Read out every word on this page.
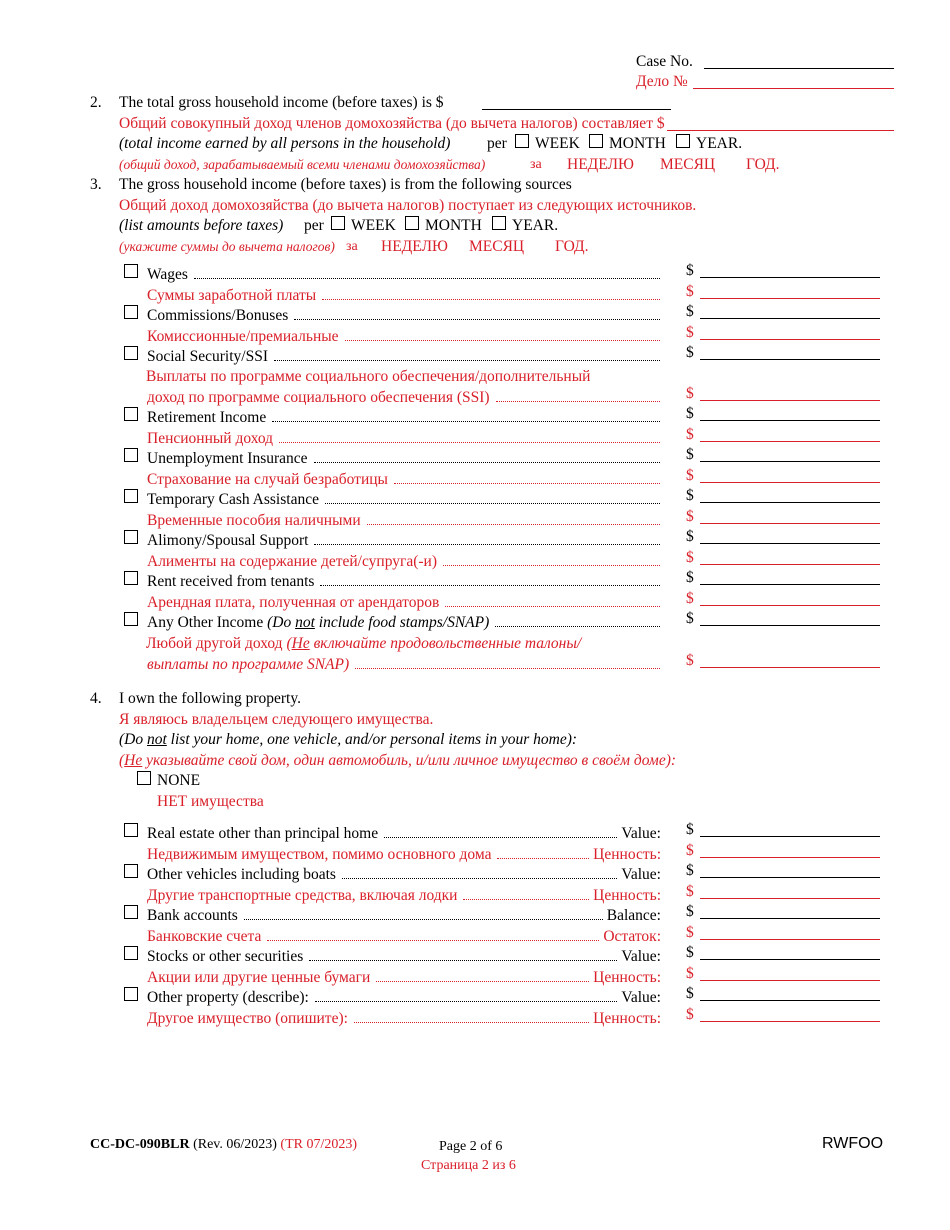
Case No.
Дело №
2. The total gross household income (before taxes) is $
Общий совокупный доход членов домохозяйства (до вычета налогов) составляет $
(total income earned by all persons in the household) per WEEK MONTH YEAR.
(общий доход, зарабатываемый всеми членами домохозяйства)	за НЕДЕЛЮ МЕСЯЦ ГОД.
3. The gross household income (before taxes) is from the following sources
Общий доход домохозяйства (до вычета налогов) поступает из следующих источников.
(list amounts before taxes) per WEEK MONTH YEAR.
(укажите суммы до вычета налогов) за НЕДЕЛЮ МЕСЯЦ ГОД.
Wages	$
Суммы заработной платы	$
Commissions/Bonuses	$
Комиссионные/премиальные	$
Social Security/SSI	$
Выплаты по программе социального обеспечения/дополнительный
доход по программе социального обеспечения (SSI)	$
Retirement Income	$
Пенсионный доход	$
Unemployment Insurance	$
Страхование на случай безработицы	$
Temporary Cash Assistance	$
Временные пособия наличными	$
Alimony/Spousal Support	$
Алименты на содержание детей/супруга(-и)	$
Rent received from tenants	$
Арендная плата, полученная от арендаторов	$
Any Other Income (Do not include food stamps/SNAP)	$
Любой другой доход (Не включайте продовольственные талоны/
выплаты по программе SNAP)	$
4. I own the following property.
Я являюсь владельцем следующего имущества.
(Do not list your home, one vehicle, and/or personal items in your home):
(Не указывайте свой дом, один автомобиль, и/или личное имущество в своём доме):
NONE
НЕТ имущества
Real estate other than principal home	Value: $
Недвижимым имуществом, помимо основного дома	Ценность: $
Other vehicles including boats	Value: $
Другие транспортные средства, включая лодки	Ценность: $
Bank accounts	Balance: $
Банковские счета	Остаток: $
Stocks or other securities	Value: $
Акции или другие ценные бумаги	Ценность: $
Other property (describe):	Value: $
Другое имущество (опишите):	Ценность: $
CC-DC-090BLR (Rev. 06/2023) (TR 07/2023)	Page 2 of 6
Страница 2 из 6
RWFOO
